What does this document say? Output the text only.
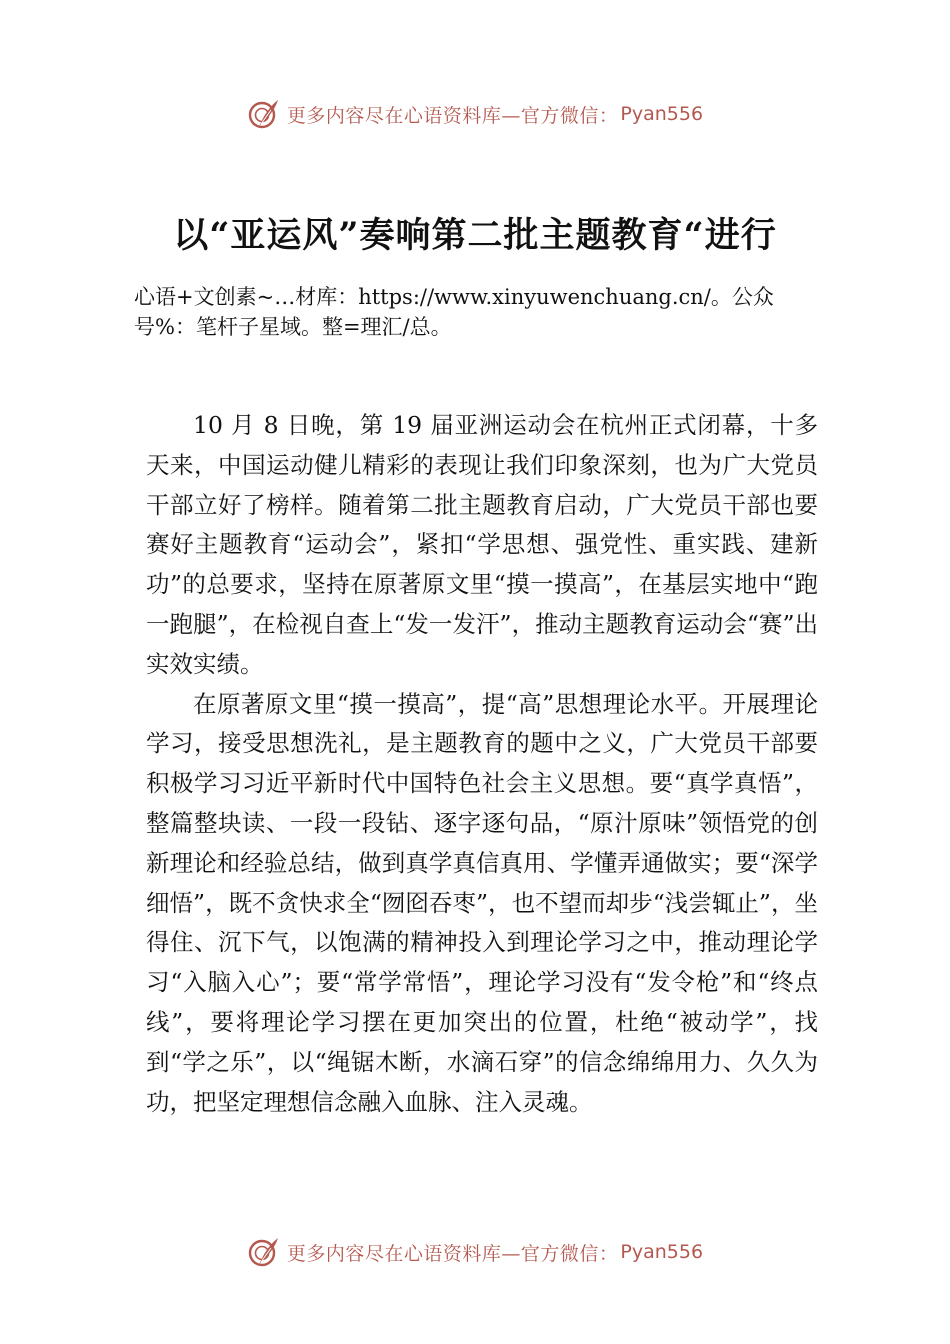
更多内容尽在心语资料库—官方微信： Pyan556
以“亚运风”奏响第二批主题教育“进行
心语+文创素~…材库：https://www.xinyuwenchuang.cn/。公众号%：笔杆子星域。整=理汇/总。

10 月 8 日晚，第 19 届亚洲运动会在杭州正式闭幕，十多天来，中国运动健儿精彩的表现让我们印象深刻，也为广大党员干部立好了榜样。随着第二批主题教育启动，广大党员干部也要赛好主题教育“运动会”，紧扣“学思想、强党性、重实践、建新功”的总要求，坚持在原著原文里“摸一摸高”，在基层实地中“跑一跑腿”，在检视自查上“发一发汗”，推动主题教育运动会“赛”出实效实绩。

在原著原文里“摸一摸高”，提“高”思想理论水平。开展理论学习，接受思想洗礼，是主题教育的题中之义，广大党员干部要积极学习习近平新时代中国特色社会主义思想。要“真学真悟”，整篇整块读、一段一段钻、逐字逐句品，“原汁原味”领悟党的创新理论和经验总结，做到真学真信真用、学懂弄通做实；要“深学细悟”，既不贪快求全“囫囵吞枣”，也不望而却步“浅尝辄止”，坐得住、沉下气，以饱满的精神投入到理论学习之中，推动理论学习“入脑入心”；要“常学常悟”，理论学习没有“发令枪”和“终点线”，要将理论学习摆在更加突出的位置，杜绝“被动学”，找到“学之乐”，以“绳锯木断，水滴石穿”的信念绵绵用力、久久为功，把坚定理想信念融入血脉、注入灵魂。

更多内容尽在心语资料库—官方微信： Pyan556
